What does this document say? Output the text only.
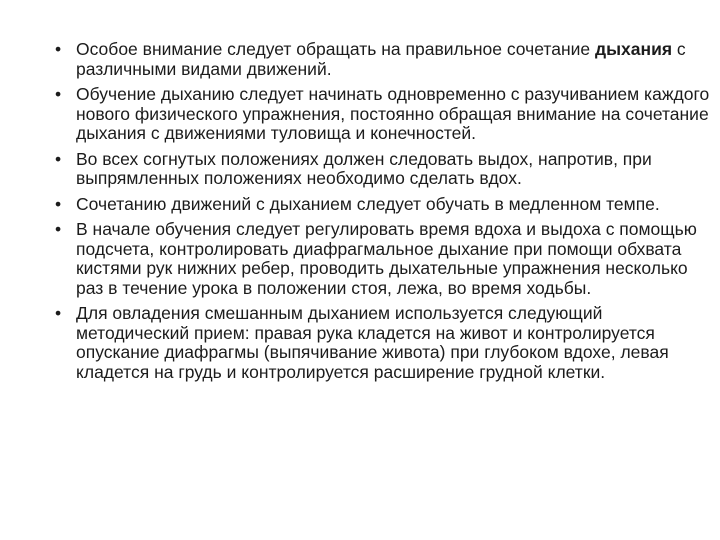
• Особое внимание следует обращать на правильное сочетание дыхания с различными видами движений.
• Обучение дыханию следует начинать одновременно с разучиванием каждого нового физического упражнения, постоянно обращая внимание на сочетание дыхания с движениями туловища и конечностей.
• Во всех согнутых положениях должен следовать выдох, напротив, при выпрямленных положениях необходимо сделать вдох.
• Сочетанию движений с дыханием следует обучать в медленном темпе.
• В начале обучения следует регулировать время вдоха и выдоха с помощью подсчета, контролировать диафрагмальное дыхание при помощи обхвата кистями рук нижних ребер, проводить дыхательные упражнения несколько раз в течение урока в положении стоя, лежа, во время ходьбы.
• Для овладения смешанным дыханием используется следующий методический прием: правая рука кладется на живот и контролируется опускание диафрагмы (выпячивание живота) при глубоком вдохе, левая кладется на грудь и контролируется расширение грудной клетки.
